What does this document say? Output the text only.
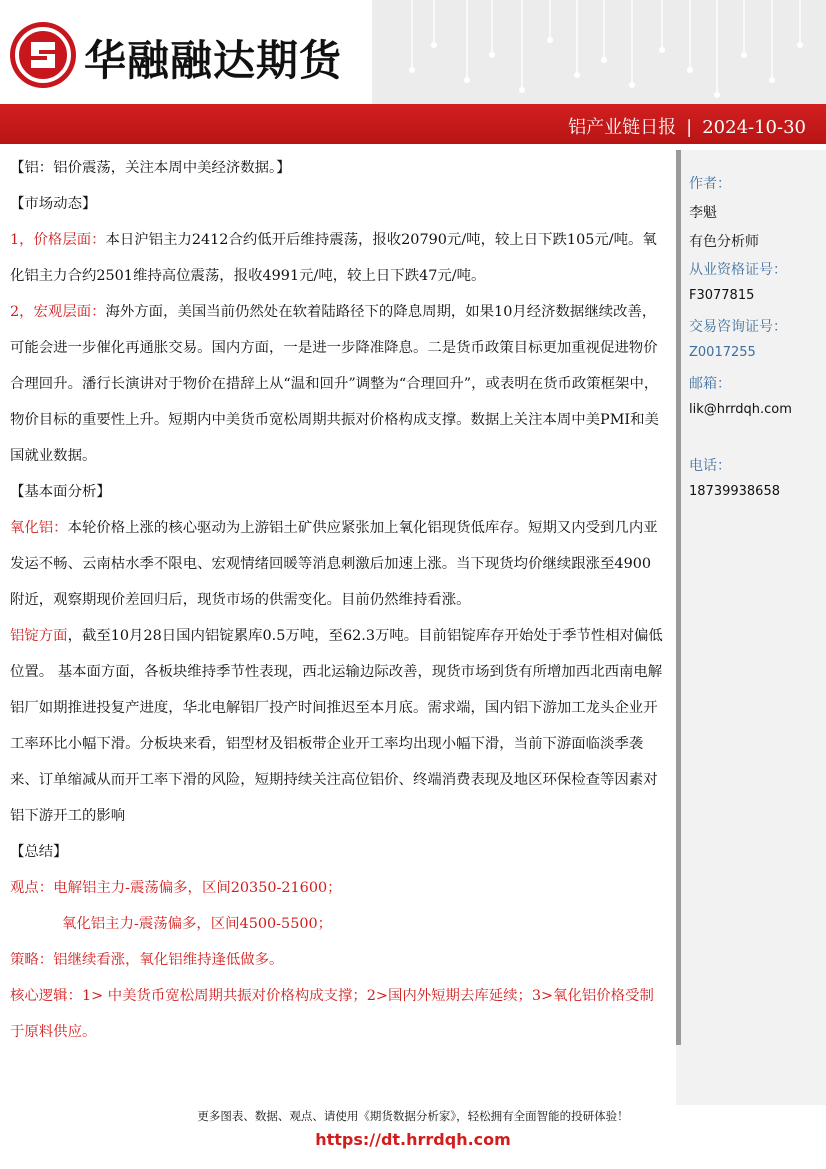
华融融达期货
铝产业链日报 | 2024-10-30
作者：
李魁
有色分析师
从业资格证号：
F3077815
交易咨询证号：
Z0017255
邮箱：
lik@hrrdqh.com
电话：
18739938658

【铝：铝价震荡，关注本周中美经济数据。】

【市场动态】

1，价格层面：本日沪铝主力2412合约低开后维持震荡，报收20790元/吨，较上日下跌105元/吨。氧化铝主力合约2501维持高位震荡，报收4991元/吨，较上日下跌47元/吨。

2，宏观层面：海外方面，美国当前仍然处在软着陆路径下的降息周期，如果10月经济数据继续改善，可能会进一步催化再通胀交易。国内方面，一是进一步降准降息。二是货币政策目标更加重视促进物价合理回升。潘行长演讲对于物价在措辞上从“温和回升”调整为“合理回升”，或表明在货币政策框架中，物价目标的重要性上升。短期内中美货币宽松周期共振对价格构成支撑。数据上关注本周中美PMI和美国就业数据。

【基本面分析】

氧化铝：本轮价格上涨的核心驱动为上游铝土矿供应紧张加上氧化铝现货低库存。短期又内受到几内亚发运不畅、云南枯水季不限电、宏观情绪回暖等消息刺激后加速上涨。当下现货均价继续跟涨至4900附近，观察期现价差回归后，现货市场的供需变化。目前仍然维持看涨。

铝锭方面，截至10月28日国内铝锭累库0.5万吨，至62.3万吨。目前铝锭库存开始处于季节性相对偏低位置。 基本面方面，各板块维持季节性表现，西北运输边际改善，现货市场到货有所增加西北西南电解铝厂如期推进投复产进度，华北电解铝厂投产时间推迟至本月底。需求端，国内铝下游加工龙头企业开工率环比小幅下滑。分板块来看，铝型材及铝板带企业开工率均出现小幅下滑，当前下游面临淡季袭来、订单缩减从而开工率下滑的风险，短期持续关注高位铝价、终端消费表现及地区环保检查等因素对铝下游开工的影响

【总结】

观点：电解铝主力-震荡偏多，区间20350-21600；

氧化铝主力-震荡偏多，区间4500-5500；

策略：铝继续看涨，氧化铝维持逢低做多。

核心逻辑：1> 中美货币宽松周期共振对价格构成支撑；2>国内外短期去库延续；3>氧化铝价格受制于原料供应。

更多图表、数据、观点、请使用《期货数据分析家》，轻松拥有全面智能的投研体验！
https://dt.hrrdqh.com
